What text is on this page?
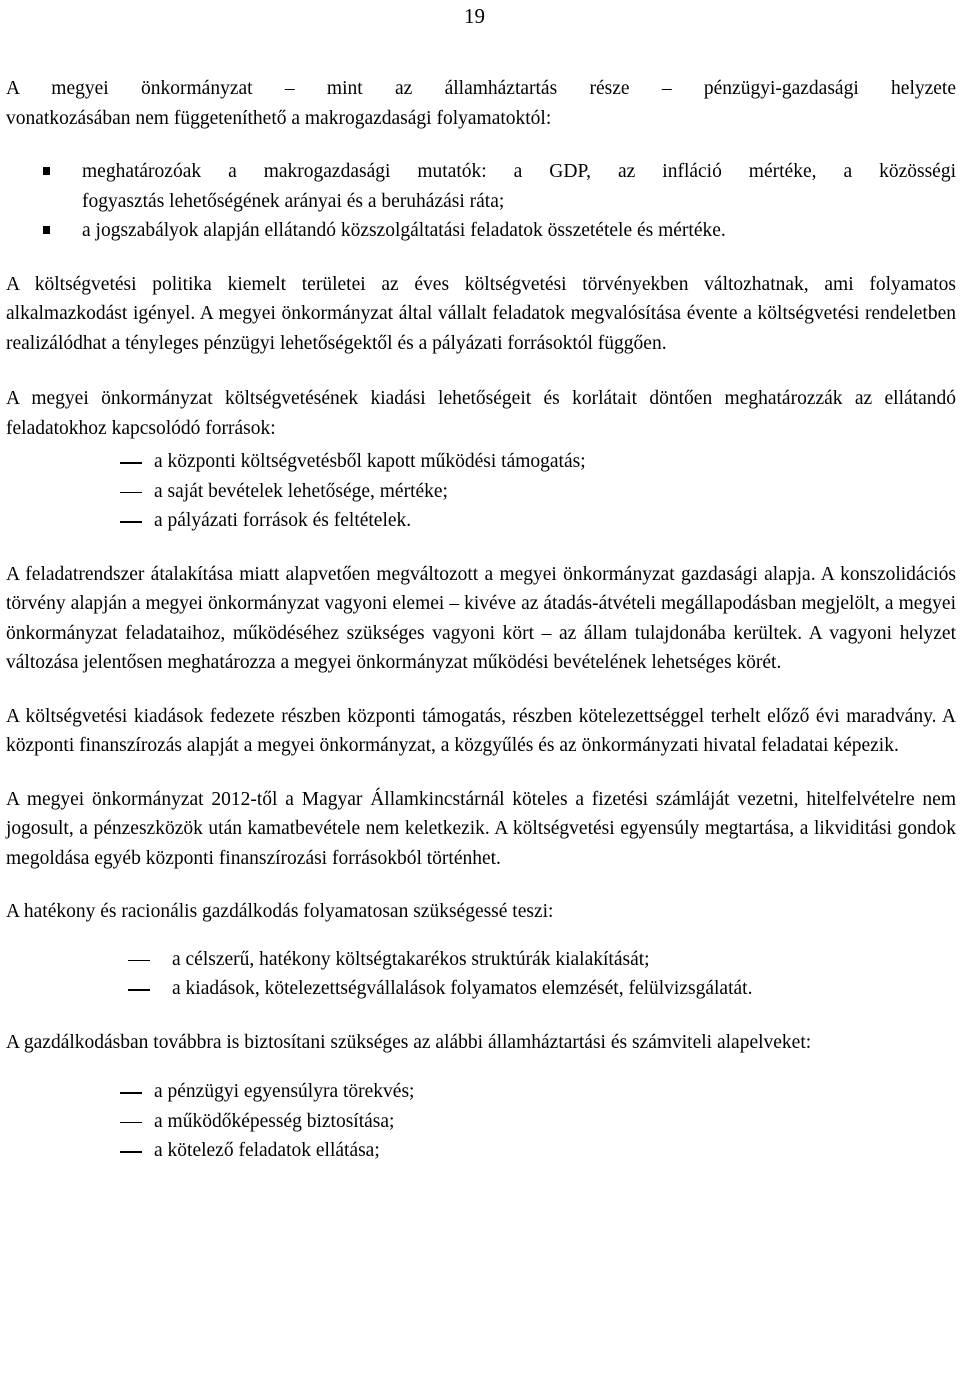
19

A megyei önkormányzat – mint az államháztartás része – pénzügyi-gazdasági helyzete
vonatkozásában nem függeteníthető a makrogazdasági folyamatoktól:

meghatározóak a makrogazdasági mutatók: a GDP, az infláció mértéke, a közösségi
fogyasztás lehetőségének arányai és a beruházási ráta;
a jogszabályok alapján ellátandó közszolgáltatási feladatok összetétele és mértéke.

A költségvetési politika kiemelt területei az éves költségvetési törvényekben változhatnak, ami folyamatos alkalmazkodást igényel. A megyei önkormányzat által vállalt feladatok megvalósítása évente a költségvetési rendeletben realizálódhat a tényleges pénzügyi lehetőségektől és a pályázati forrásoktól függően.

A megyei önkormányzat költségvetésének kiadási lehetőségeit és korlátait döntően meghatározzák az ellátandó feladatokhoz kapcsolódó források:

a központi költségvetésből kapott működési támogatás;
a saját bevételek lehetősége, mértéke;
a pályázati források és feltételek.

A feladatrendszer átalakítása miatt alapvetően megváltozott a megyei önkormányzat gazdasági alapja. A konszolidációs törvény alapján a megyei önkormányzat vagyoni elemei – kivéve az átadás-átvételi megállapodásban megjelölt, a megyei önkormányzat feladataihoz, működéséhez szükséges vagyoni kört – az állam tulajdonába kerültek. A vagyoni helyzet változása jelentősen meghatározza a megyei önkormányzat működési bevételének lehetséges körét.

A költségvetési kiadások fedezete részben központi támogatás, részben kötelezettséggel terhelt előző évi maradvány. A központi finanszírozás alapját a megyei önkormányzat, a közgyűlés és az önkormányzati hivatal feladatai képezik.

A megyei önkormányzat 2012-től a Magyar Államkincstárnál köteles a fizetési számláját vezetni, hitelfelvételre nem jogosult, a pénzeszközök után kamatbevétele nem keletkezik. A költségvetési egyensúly megtartása, a likviditási gondok megoldása egyéb központi finanszírozási forrásokból történhet.

A hatékony és racionális gazdálkodás folyamatosan szükségessé teszi:

a célszerű, hatékony költségtakarékos struktúrák kialakítását;
a kiadások, kötelezettségvállalások folyamatos elemzését, felülvizsgálatát.

A gazdálkodásban továbbra is biztosítani szükséges az alábbi államháztartási és számviteli alapelveket:

a pénzügyi egyensúlyra törekvés;
a működőképesség biztosítása;
a kötelező feladatok ellátása;
